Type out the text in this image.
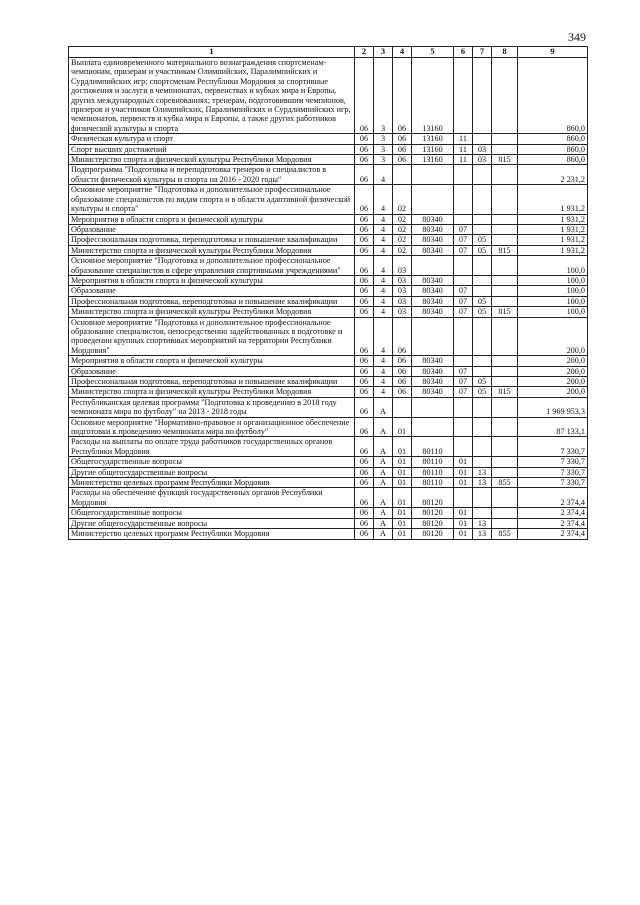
349
1	2	3	4	5	6	7	8	9
Выплата единовременного материального вознаграждения спортсменам-чемпионам, призерам и участникам Олимпийских, Паралимпийских и Сурдлимпийских игр; спортсменам Республики Мордовия за спортивные достижения и заслуги в чемпионатах, первенствах и кубках мира и Европы, других международных соревнованиях; тренерам, подготовившим чемпионов, призеров и участников Олимпийских, Паралимпийских и Сурдлимпийских игр, чемпионатов, первенств и кубка мира и Европы, а также других работников физической культуры и спорта	06	3	06	13160				860,0
Физическая культура и спорт	06	3	06	13160	11			860,0
Спорт высших достижений	06	3	06	13160	11	03		860,0
Министерство спорта и физической культуры Республики Мордовия	06	3	06	13160	11	03	815	860,0
Подпрограмма "Подготовка и переподготовка тренеров и специалистов в области физической культуры и спорта на 2016 - 2020 годы"	06	4						2 231,2
Основное мероприятие "Подготовка и дополнительное профессиональное образование специалистов по видам спорта и в области адаптивной физической культуры и спорта"	06	4	02					1 931,2
Мероприятия в области спорта и физической культуры	06	4	02	80340				1 931,2
Образование	06	4	02	80340	07			1 931,2
Профессиональная подготовка, переподготовка и повышение квалификации	06	4	02	80340	07	05		1 931,2
Министерство спорта и физической культуры Республики Мордовия	06	4	02	80340	07	05	815	1 931,2
Основное мероприятие "Подготовка и дополнительное профессиональное образование специалистов в сфере управления спортивными учреждениями"	06	4	03					100,0
Мероприятия в области спорта и физической культуры	06	4	03	80340				100,0
Образование	06	4	03	80340	07			100,0
Профессиональная подготовка, переподготовка и повышение квалификации	06	4	03	80340	07	05		100,0
Министерство спорта и физической культуры Республики Мордовия	06	4	03	80340	07	05	815	100,0
Основное мероприятие "Подготовка и дополнительное профессиональное образование специалистов, непосредственно задействованных в подготовке и проведении крупных спортивных мероприятий на территории Республики Мордовия"	06	4	06					200,0
Мероприятия в области спорта и физической культуры	06	4	06	80340				200,0
Образование	06	4	06	80340	07			200,0
Профессиональная подготовка, переподготовка и повышение квалификации	06	4	06	80340	07	05		200,0
Министерство спорта и физической культуры Республики Мордовия	06	4	06	80340	07	05	815	200,0
Республиканская целевая программа "Подготовка к проведению в 2018 году чемпионата мира по футболу" на 2013 - 2018 годы	06	А						1 969 953,3
Основное мероприятие "Нормативно-правовое и организационное обеспечение подготовки к проведению чемпионата мира по футболу"	06	А	01					87 133,1
Расходы на выплаты по оплате труда работников государственных органов Республики Мордовия	06	А	01	80110				7 330,7
Общегосударственные вопросы	06	А	01	80110	01			7 330,7
Другие общегосударственные вопросы	06	А	01	80110	01	13		7 330,7
Министерство целевых программ Республики Мордовия	06	А	01	80110	01	13	855	7 330,7
Расходы на обеспечение функций государственных органов Республики Мордовия	06	А	01	80120				2 374,4
Общегосударственные вопросы	06	А	01	80120	01			2 374,4
Другие общегосударственные вопросы	06	А	01	80120	01	13		2 374,4
Министерство целевых программ Республики Мордовия	06	А	01	80120	01	13	855	2 374,4
